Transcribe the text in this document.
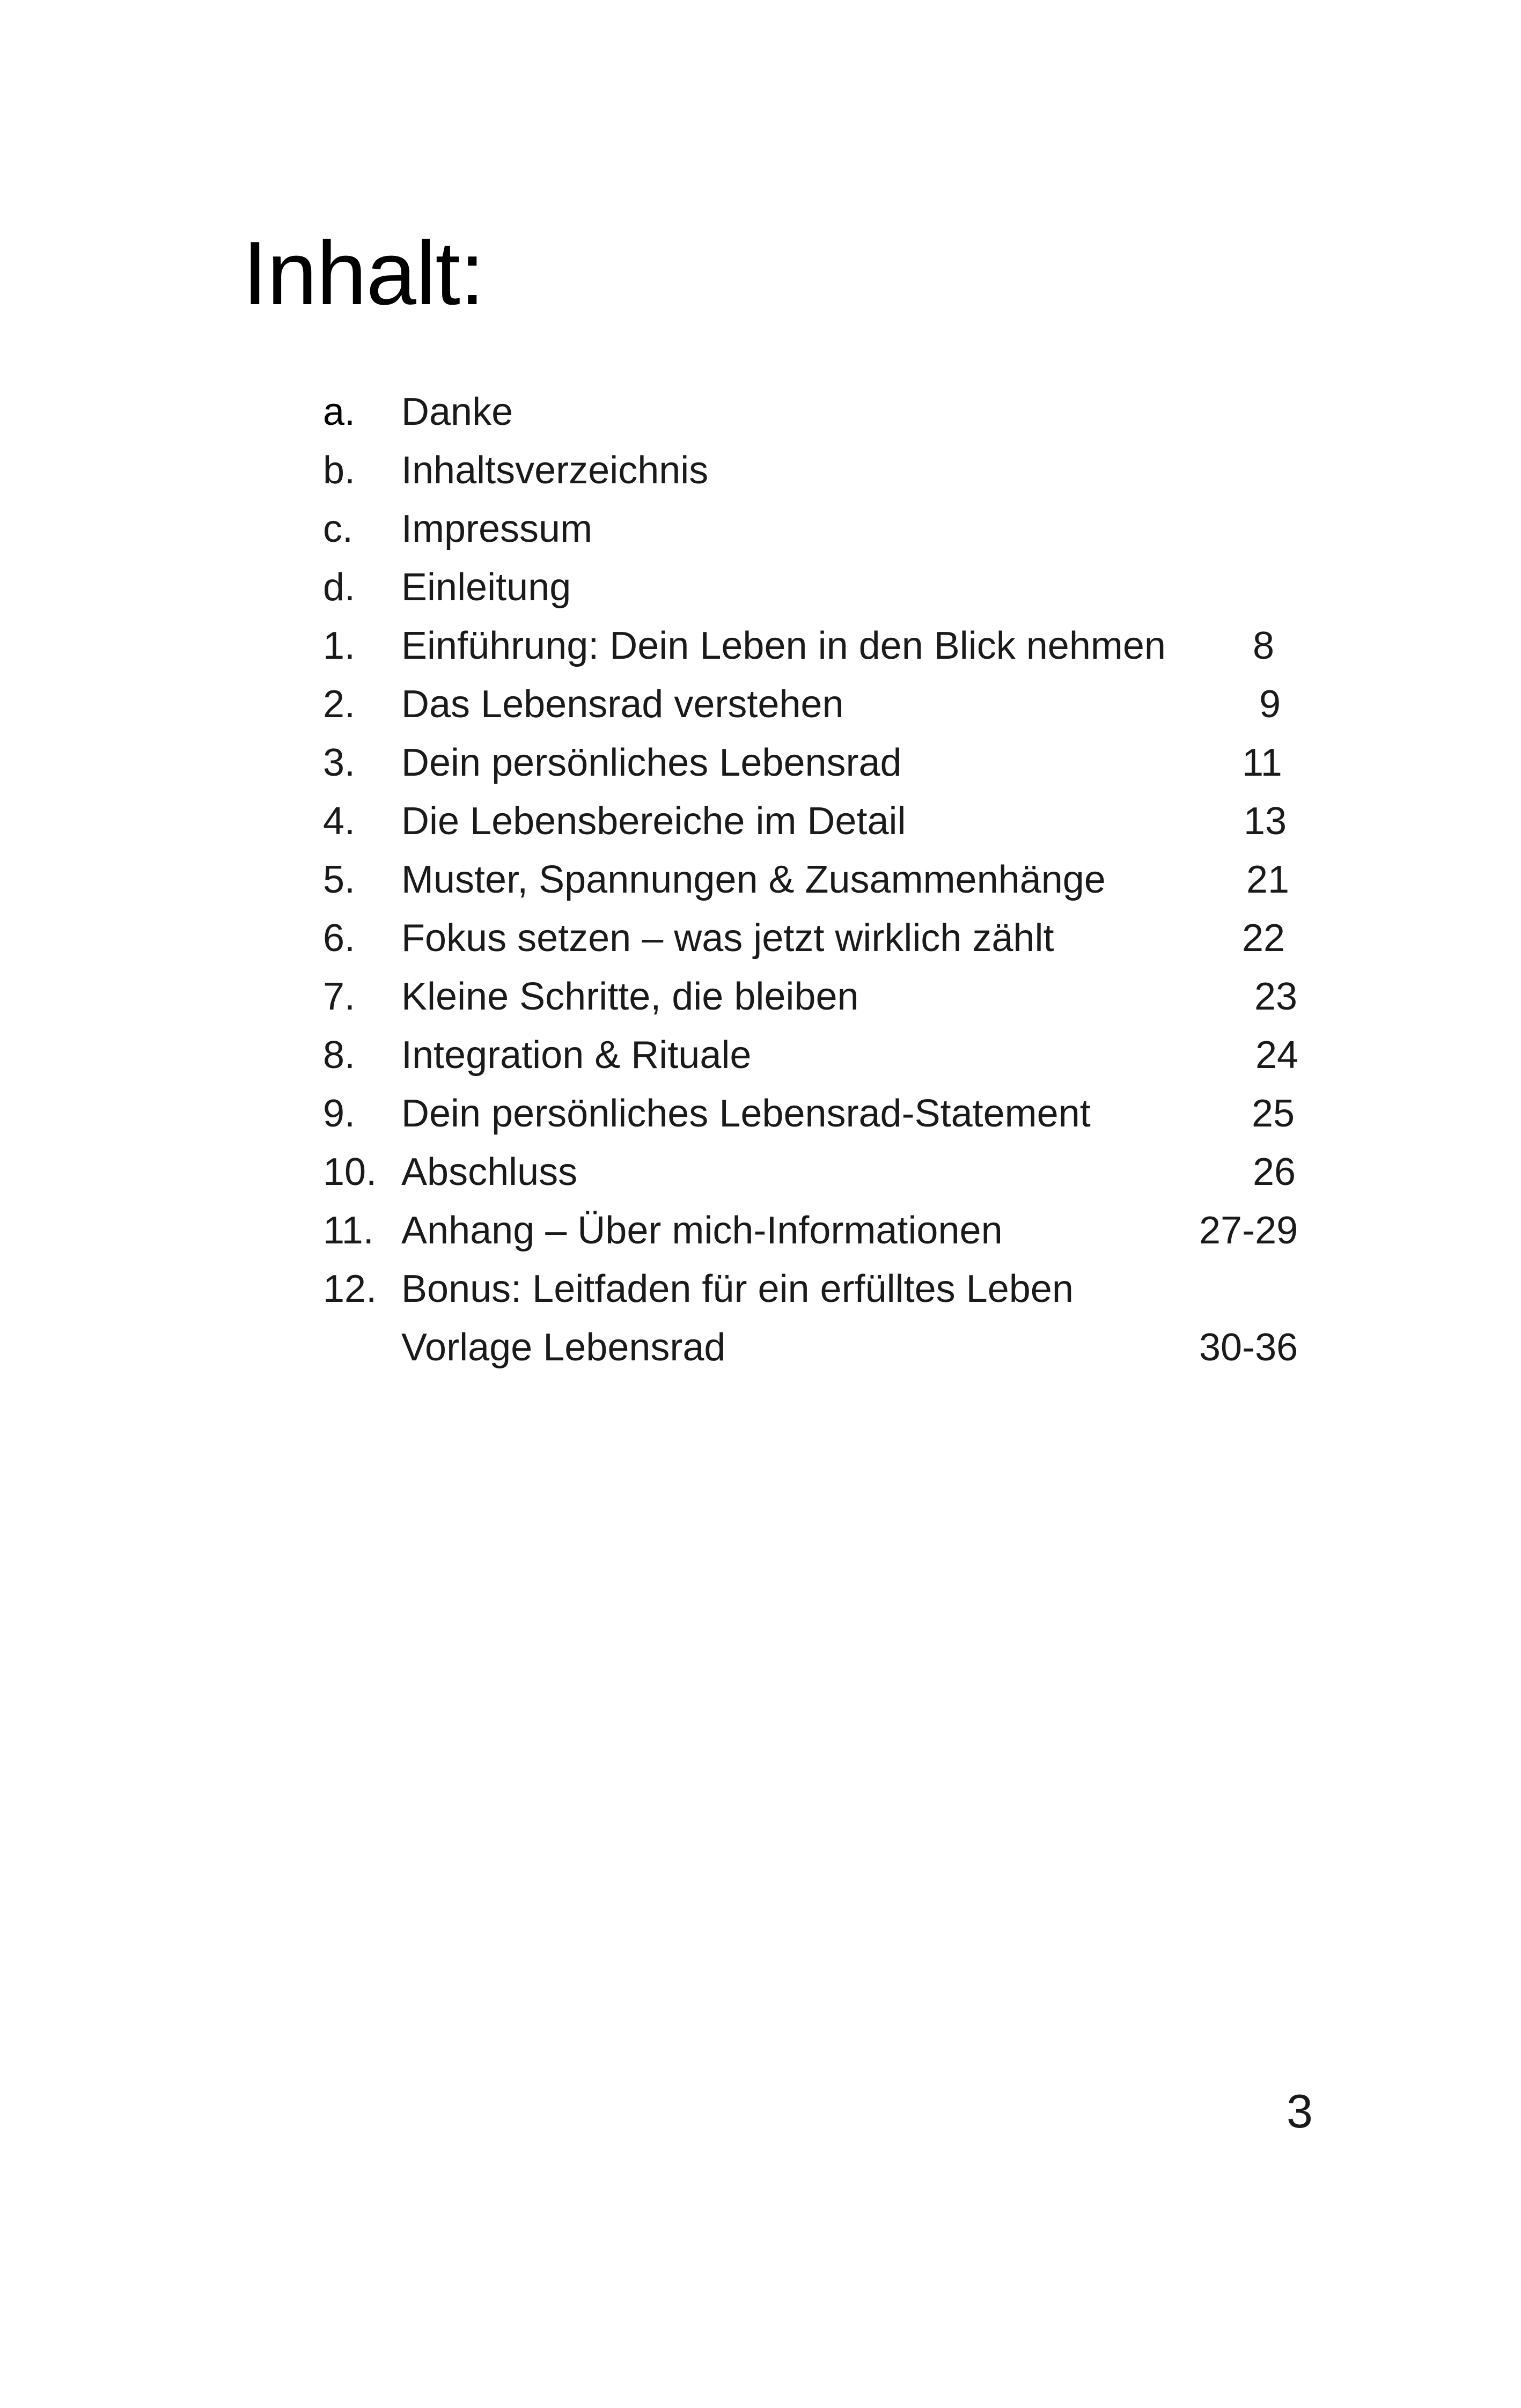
Inhalt:
a. Danke
b. Inhaltsverzeichnis
c. Impressum
d. Einleitung
1. Einführung: Dein Leben in den Blick nehmen 8
2. Das Lebensrad verstehen	9
3. Dein persönliches Lebensrad	11
4. Die Lebensbereiche im Detail	13
5. Muster, Spannungen & Zusammenhänge	21
6. Fokus setzen – was jetzt wirklich zählt	22
7. Kleine Schritte, die bleiben	23
8. Integration & Rituale	24
9. Dein persönliches Lebensrad-Statement	25
10. Abschluss	26
11. Anhang – Über mich-Informationen	27-29
12. Bonus: Leitfaden für ein erfülltes Leben
Vorlage Lebensrad	30-36
3
